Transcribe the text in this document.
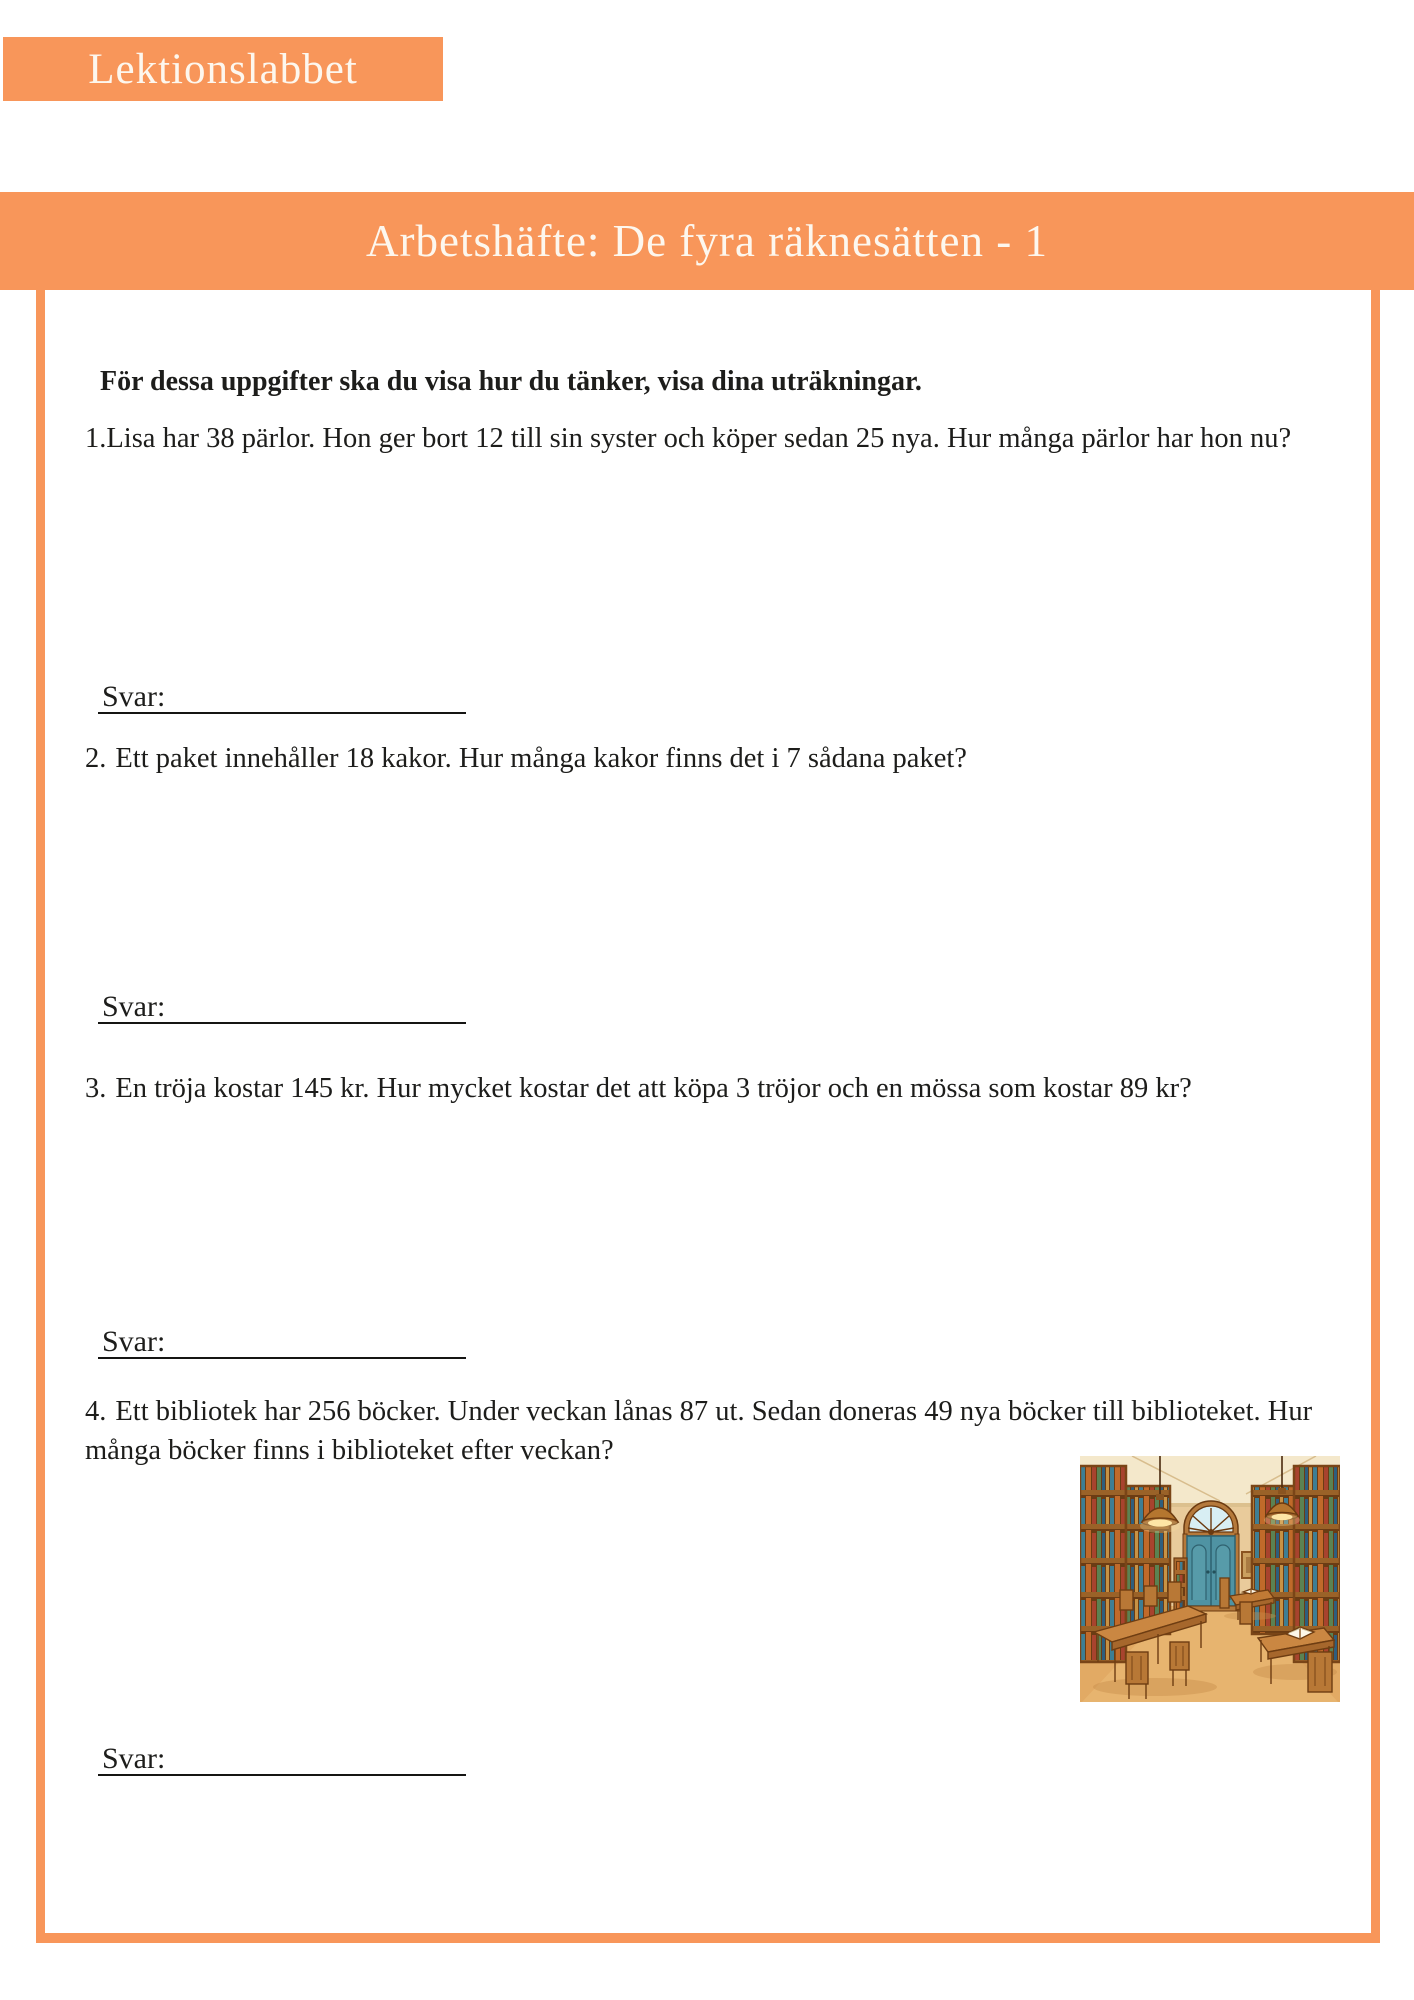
Lektionslabbet
Arbetshäfte: De fyra räknesätten - 1
För dessa uppgifter ska du visa hur du tänker, visa dina uträkningar.
1.Lisa har 38 pärlor. Hon ger bort 12 till sin syster och köper sedan 25 nya. Hur många pärlor har hon nu?
Svar:
2. Ett paket innehåller 18 kakor. Hur många kakor finns det i 7 sådana paket?
Svar:
3. En tröja kostar 145 kr. Hur mycket kostar det att köpa 3 tröjor och en mössa som kostar 89 kr?
Svar:
4. Ett bibliotek har 256 böcker. Under veckan lånas 87 ut. Sedan doneras 49 nya böcker till biblioteket. Hur många böcker finns i biblioteket efter veckan?
Svar:
